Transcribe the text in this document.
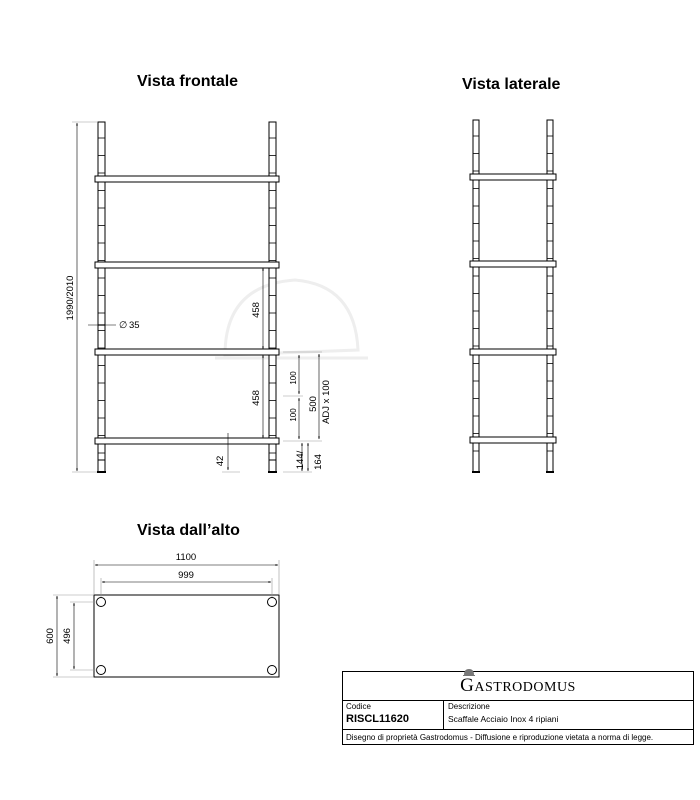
Vista frontale	Vista laterale
Vista dall’alto
1990/2010
∅ 35
458
458
100
100
500 ADJ x 100
42	144/ 164
1100
999
600 496
GASTRODOMUS
Codice
RISCL11620
Descrizione
Scaffale Acciaio Inox 4 ripiani
Disegno di proprietà Gastrodomus - Diffusione e riproduzione vietata a norma di legge.
